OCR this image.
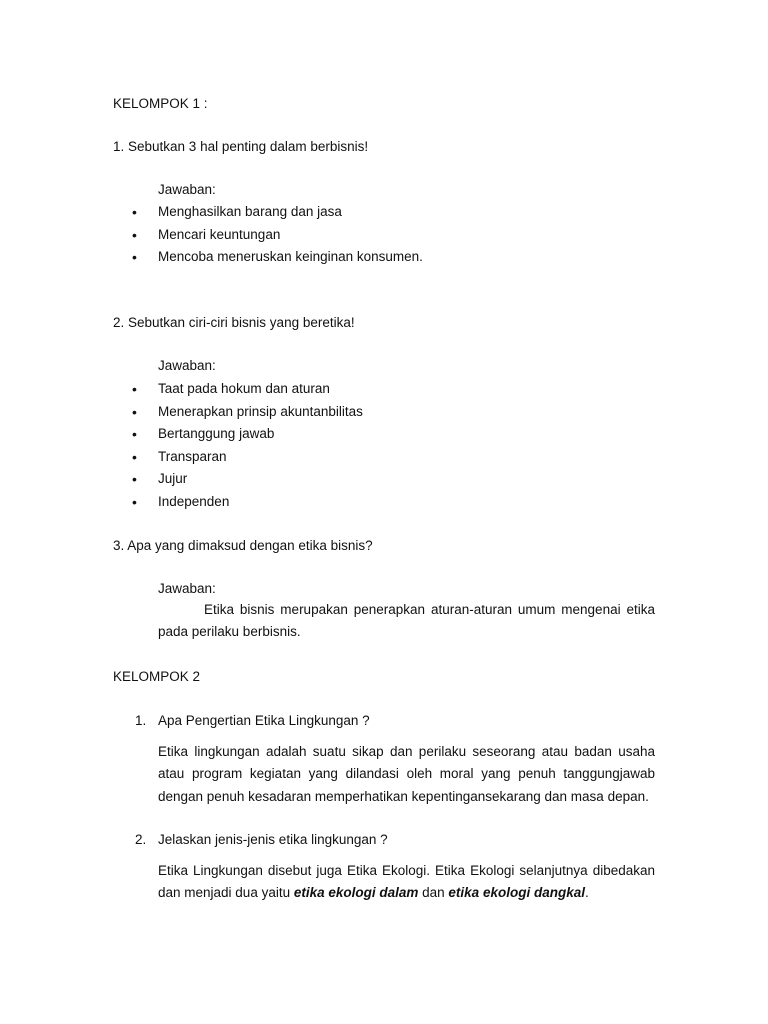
KELOMPOK 1 :
1. Sebutkan 3 hal penting dalam berbisnis!
Jawaban:
• Menghasilkan barang dan jasa
• Mencari keuntungan
• Mencoba meneruskan keinginan konsumen.
2. Sebutkan ciri-ciri bisnis yang beretika!
Jawaban:
• Taat pada hokum dan aturan
• Menerapkan prinsip akuntanbilitas
• Bertanggung jawab
• Transparan
• Jujur
• Independen
3. Apa yang dimaksud dengan etika bisnis?
Jawaban:
Etika bisnis merupakan penerapkan aturan-aturan umum mengenai etika pada perilaku berbisnis.
KELOMPOK 2
1. Apa Pengertian Etika Lingkungan ?
Etika lingkungan adalah suatu sikap dan perilaku seseorang atau badan usaha atau program kegiatan yang dilandasi oleh moral yang penuh tanggungjawab dengan penuh kesadaran memperhatikan kepentingansekarang dan masa depan.
2. Jelaskan jenis-jenis etika lingkungan ?
Etika Lingkungan disebut juga Etika Ekologi. Etika Ekologi selanjutnya dibedakan dan menjadi dua yaitu etika ekologi dalam dan etika ekologi dangkal.
